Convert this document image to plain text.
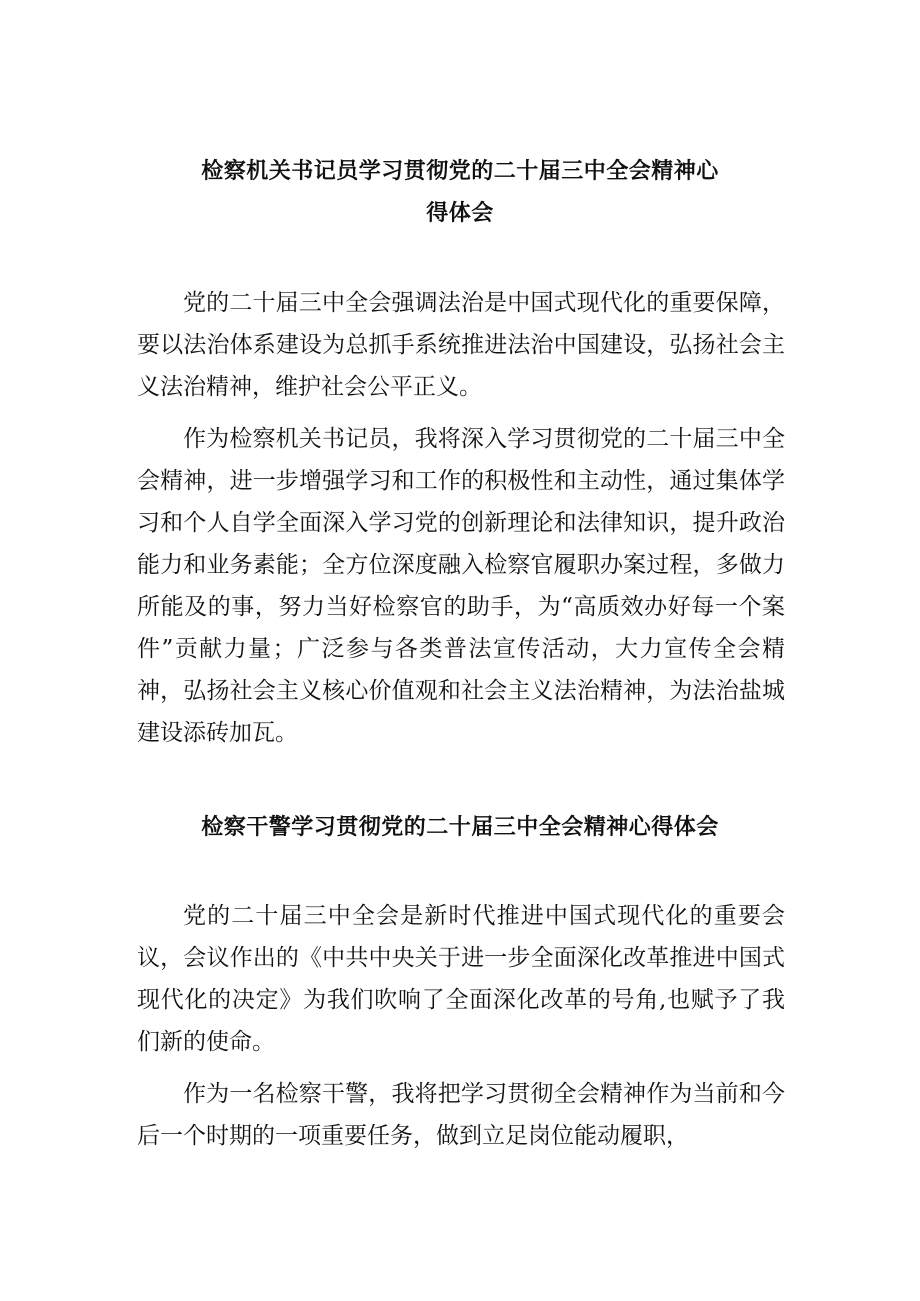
检察机关书记员学习贯彻党的二十届三中全会精神心
得体会

党的二十届三中全会强调法治是中国式现代化的重要保障，要以法治体系建设为总抓手系统推进法治中国建设，弘扬社会主义法治精神，维护社会公平正义。

作为检察机关书记员，我将深入学习贯彻党的二十届三中全会精神，进一步增强学习和工作的积极性和主动性，通过集体学习和个人自学全面深入学习党的创新理论和法律知识，提升政治能力和业务素能；全方位深度融入检察官履职办案过程，多做力所能及的事，努力当好检察官的助手，为“高质效办好每一个案件”贡献力量；广泛参与各类普法宣传活动，大力宣传全会精神，弘扬社会主义核心价值观和社会主义法治精神，为法治盐城建设添砖加瓦。

检察干警学习贯彻党的二十届三中全会精神心得体会

党的二十届三中全会是新时代推进中国式现代化的重要会议，会议作出的《中共中央关于进一步全面深化改革推进中国式现代化的决定》为我们吹响了全面深化改革的号角,也赋予了我们新的使命。

作为一名检察干警，我将把学习贯彻全会精神作为当前和今后一个时期的一项重要任务，做到立足岗位能动履职，
